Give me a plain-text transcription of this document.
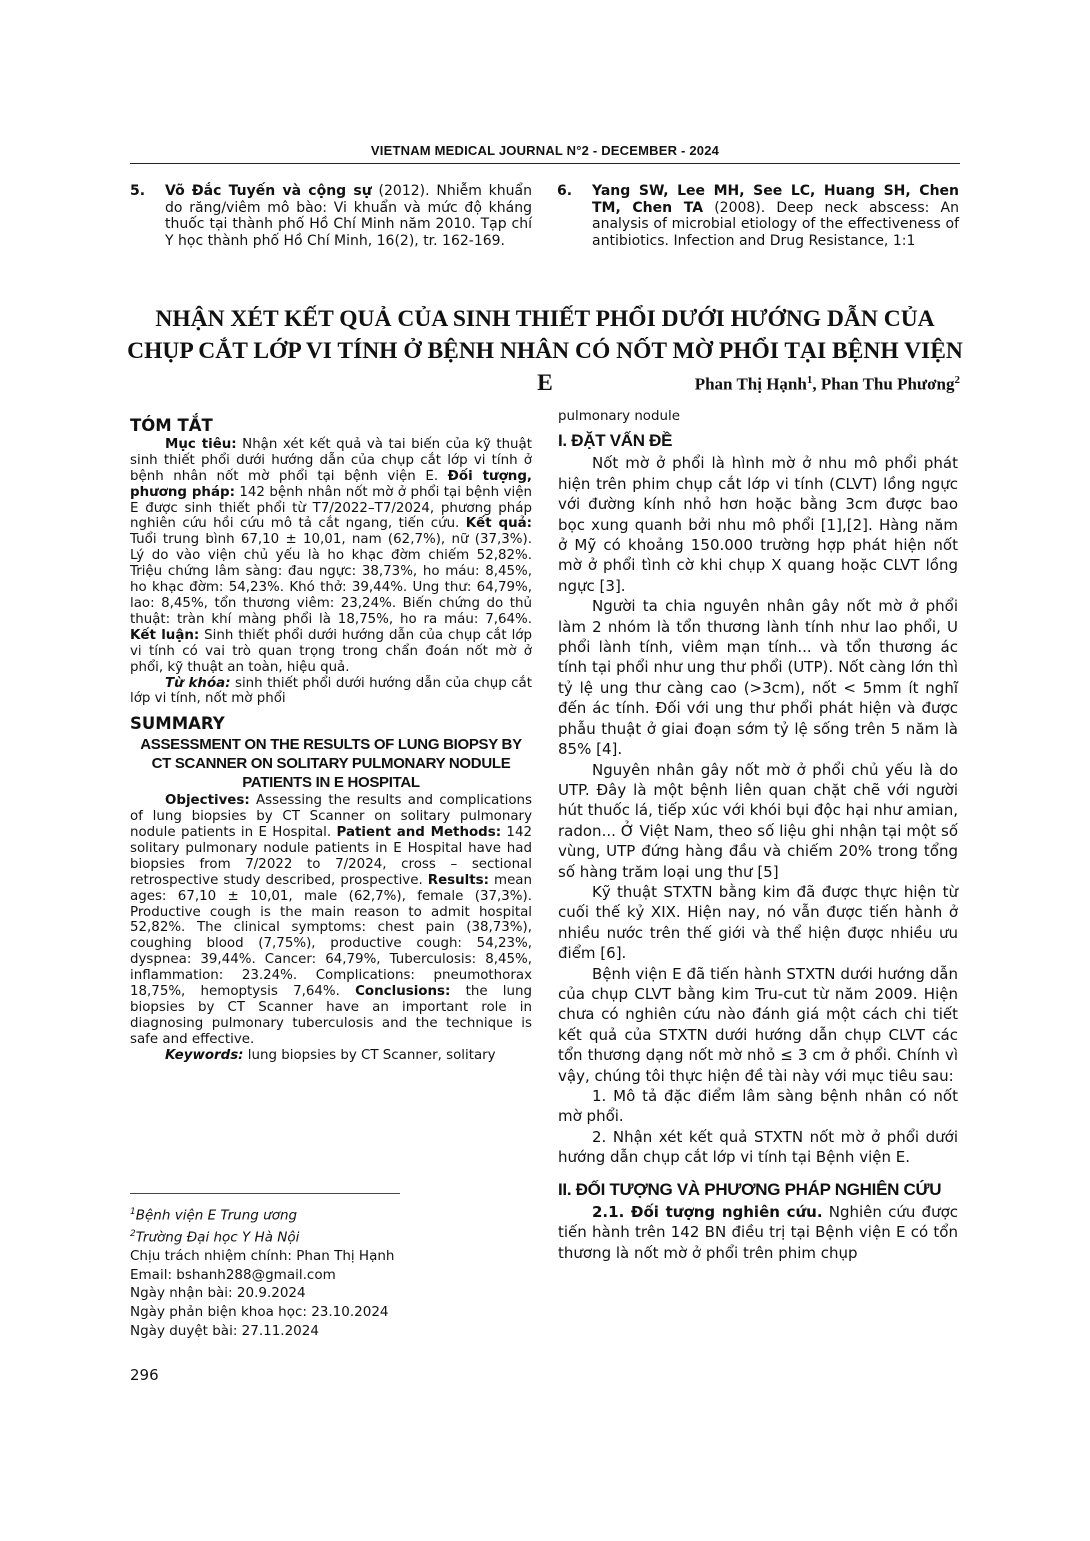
VIETNAM MEDICAL JOURNAL N°2 - DECEMBER - 2024
5. Võ Đắc Tuyến và cộng sự (2012). Nhiễm khuẩn do răng/viêm mô bào: Vi khuẩn và mức độ kháng thuốc tại thành phố Hồ Chí Minh năm 2010. Tạp chí Y học thành phố Hồ Chí Minh, 16(2), tr. 162-169.
6. Yang SW, Lee MH, See LC, Huang SH, Chen TM, Chen TA (2008). Deep neck abscess: An analysis of microbial etiology of the effectiveness of antibiotics. Infection and Drug Resistance, 1:1
NHẬN XÉT KẾT QUẢ CỦA SINH THIẾT PHỔI DƯỚI HƯỚNG DẪN CỦA
CHỤP CẮT LỚP VI TÍNH Ở BỆNH NHÂN CÓ NỐT MỜ PHỔI TẠI BỆNH VIỆN E	Phan Thị Hạnh$^1$, Phan Thu Phương$^2$
TÓM TẮT

Mục tiêu: Nhận xét kết quả và tai biến của kỹ thuật sinh thiết phổi dưới hướng dẫn của chụp cắt lớp vi tính ở bệnh nhân nốt mờ phổi tại bệnh viện E. Đối tượng, phương pháp: 142 bệnh nhân nốt mờ ở phổi tại bệnh viện E được sinh thiết phổi từ T7/2022–T7/2024, phương pháp nghiên cứu hồi cứu mô tả cắt ngang, tiến cứu. Kết quả: Tuổi trung bình 67,10 ± 10,01, nam (62,7%), nữ (37,3%). Lý do vào viện chủ yếu là ho khạc đờm chiếm 52,82%. Triệu chứng lâm sàng: đau ngực: 38,73%, ho máu: 8,45%, ho khạc đờm: 54,23%. Khó thở: 39,44%. Ung thư: 64,79%, lao: 8,45%, tổn thương viêm: 23,24%. Biến chứng do thủ thuật: tràn khí màng phổi là 18,75%, ho ra máu: 7,64%. Kết luận: Sinh thiết phổi dưới hướng dẫn của chụp cắt lớp vi tính có vai trò quan trọng trong chẩn đoán nốt mờ ở phổi, kỹ thuật an toàn, hiệu quả.

Từ khóa: sinh thiết phổi dưới hướng dẫn của chụp cắt lớp vi tính, nốt mờ phổi

SUMMARY
ASSESSMENT ON THE RESULTS OF LUNG BIOPSY BY CT SCANNER ON SOLITARY PULMONARY NODULE PATIENTS IN E HOSPITAL

Objectives: Assessing the results and complications of lung biopsies by CT Scanner on solitary pulmonary nodule patients in E Hospital. Patient and Methods: 142 solitary pulmonary nodule patients in E Hospital have had biopsies from 7/2022 to 7/2024, cross – sectional retrospective study described, prospective. Results: mean ages: 67,10 ± 10,01, male (62,7%), female (37,3%). Productive cough is the main reason to admit hospital 52,82%. The clinical symptoms: chest pain (38,73%), coughing blood (7,75%), productive cough: 54,23%, dyspnea: 39,44%. Cancer: 64,79%, Tuberculosis: 8,45%, inflammation: 23.24%. Complications: pneumothorax 18,75%, hemoptysis 7,64%. Conclusions: the lung biopsies by CT Scanner have an important role in diagnosing pulmonary tuberculosis and the technique is safe and effective.

Keywords: lung biopsies by CT Scanner, solitary

$^1$Bệnh viện E Trung ương
$^2$Trường Đại học Y Hà Nội
Chịu trách nhiệm chính: Phan Thị Hạnh
Email: bshanh288@gmail.com
Ngày nhận bài: 20.9.2024
Ngày phản biện khoa học: 23.10.2024
Ngày duyệt bài: 27.11.2024
296
pulmonary nodule
I. ĐẶT VẤN ĐỀ

Nốt mờ ở phổi là hình mờ ở nhu mô phổi phát hiện trên phim chụp cắt lớp vi tính (CLVT) lồng ngực với đường kính nhỏ hơn hoặc bằng 3cm được bao bọc xung quanh bởi nhu mô phổi [1],[2]. Hàng năm ở Mỹ có khoảng 150.000 trường hợp phát hiện nốt mờ ở phổi tình cờ khi chụp X quang hoặc CLVT lồng ngực [3].

Người ta chia nguyên nhân gây nốt mờ ở phổi làm 2 nhóm là tổn thương lành tính như lao phổi, U phổi lành tính, viêm mạn tính... và tổn thương ác tính tại phổi như ung thư phổi (UTP). Nốt càng lớn thì tỷ lệ ung thư càng cao (>3cm), nốt < 5mm ít nghĩ đến ác tính. Đối với ung thư phổi phát hiện và được phẫu thuật ở giai đoạn sớm tỷ lệ sống trên 5 năm là 85% [4].

Nguyên nhân gây nốt mờ ở phổi chủ yếu là do UTP. Đây là một bệnh liên quan chặt chẽ với người hút thuốc lá, tiếp xúc với khói bụi độc hại như amian, radon... Ở Việt Nam, theo số liệu ghi nhận tại một số vùng, UTP đứng hàng đầu và chiếm 20% trong tổng số hàng trăm loại ung thư [5]

Kỹ thuật STXTN bằng kim đã được thực hiện từ cuối thế kỷ XIX. Hiện nay, nó vẫn được tiến hành ở nhiều nước trên thế giới và thể hiện được nhiều ưu điểm [6].

Bệnh viện E đã tiến hành STXTN dưới hướng dẫn của chụp CLVT bằng kim Tru-cut từ năm 2009. Hiện chưa có nghiên cứu nào đánh giá một cách chi tiết kết quả của STXTN dưới hướng dẫn chụp CLVT các tổn thương dạng nốt mờ nhỏ ≤ 3 cm ở phổi. Chính vì vậy, chúng tôi thực hiện đề tài này với mục tiêu sau:

1. Mô tả đặc điểm lâm sàng bệnh nhân có nốt mờ phổi.

2. Nhận xét kết quả STXTN nốt mờ ở phổi dưới hướng dẫn chụp cắt lớp vi tính tại Bệnh viện E.

II. ĐỐI TƯỢNG VÀ PHƯƠNG PHÁP NGHIÊN CỨU

2.1. Đối tượng nghiên cứu. Nghiên cứu được tiến hành trên 142 BN điều trị tại Bệnh viện E có tổn thương là nốt mờ ở phổi trên phim chụp
